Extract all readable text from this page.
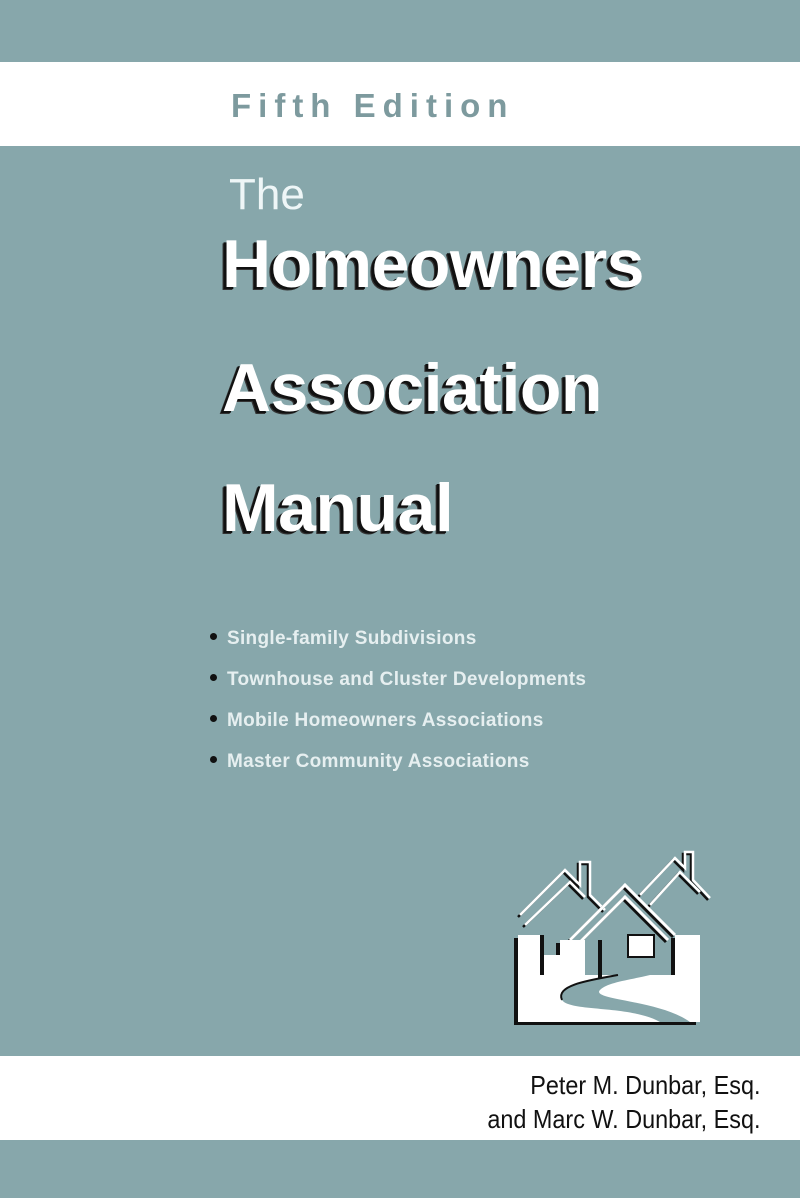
Fifth Edition
The
Homeowners
Association
Manual
Single-family Subdivisions
Townhouse and Cluster Developments
Mobile Homeowners Associations
Master Community Associations
Peter M. Dunbar, Esq.
and Marc W. Dunbar, Esq.
